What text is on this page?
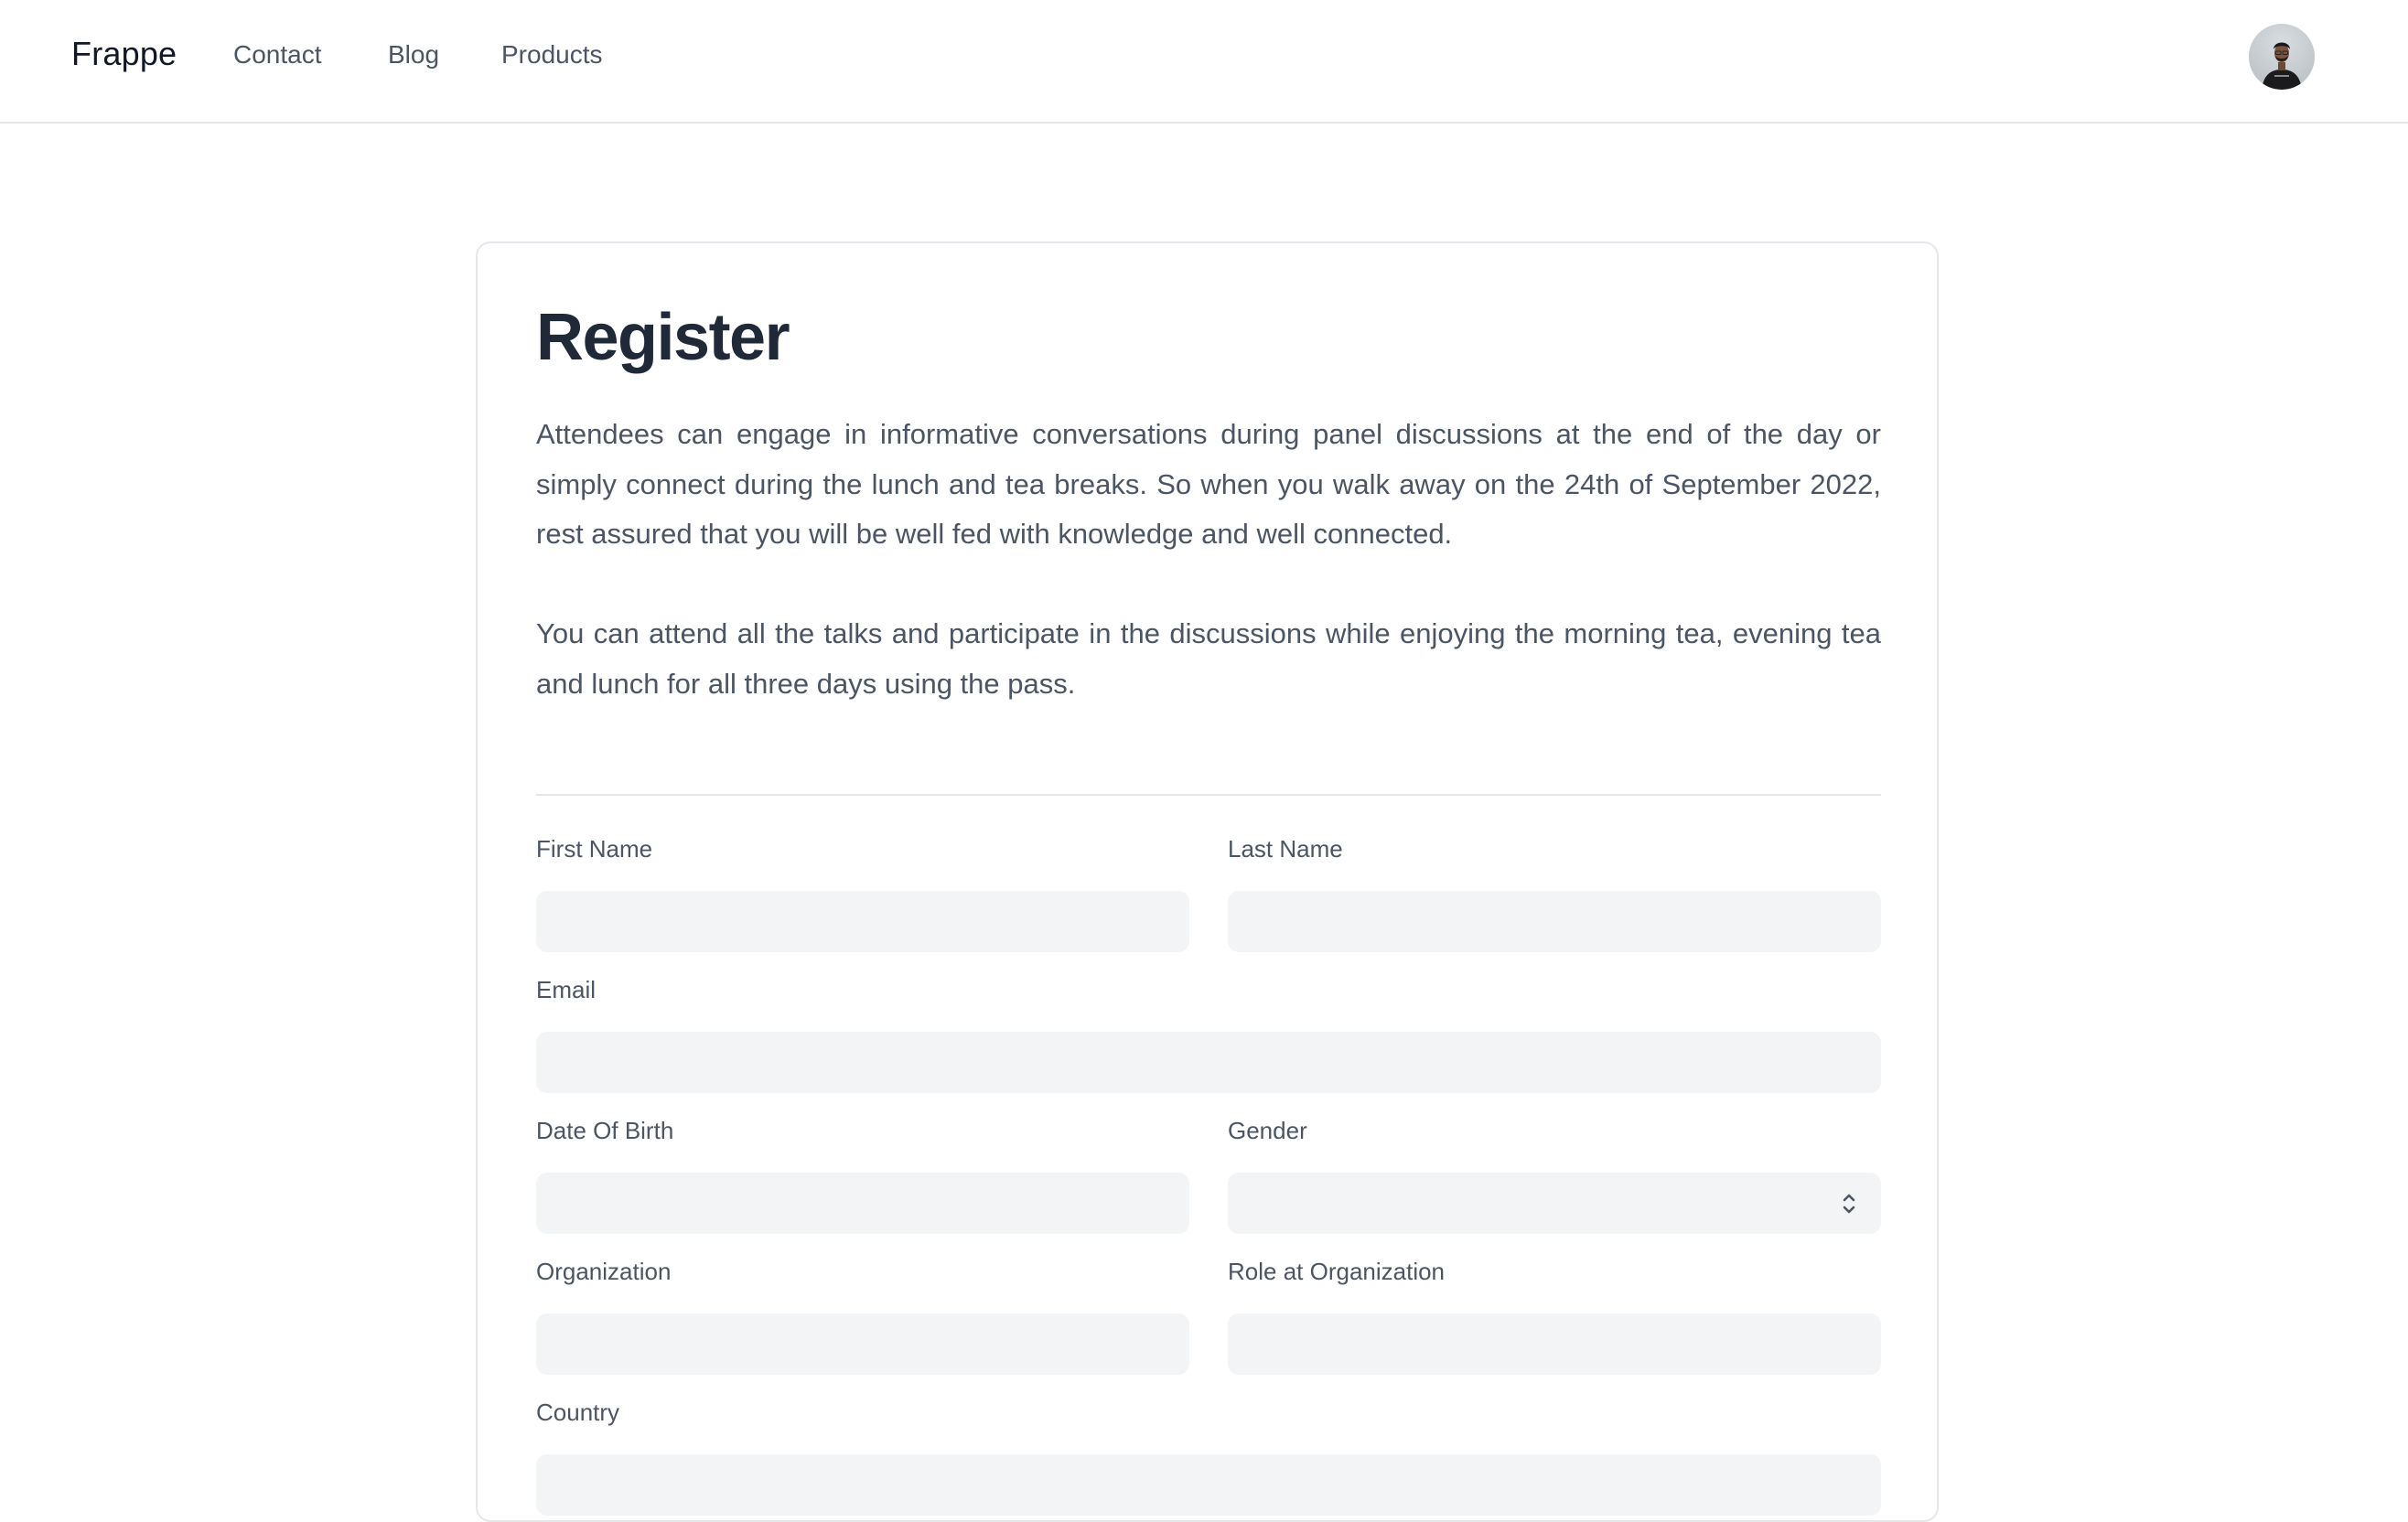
Frappe Contact	Blog Products
Register

Attendees can engage in informative conversations during panel discussions at the end of the day or simply connect during the lunch and tea breaks. So when you walk away on the 24th of September 2022, rest assured that you will be well fed with knowledge and well connected.

You can attend all the talks and participate in the discussions while enjoying the morning tea, evening tea and lunch for all three days using the pass.

First Name	Last Name
Email
Date Of Birth	Gender
Organization	Role at Organization
Country
